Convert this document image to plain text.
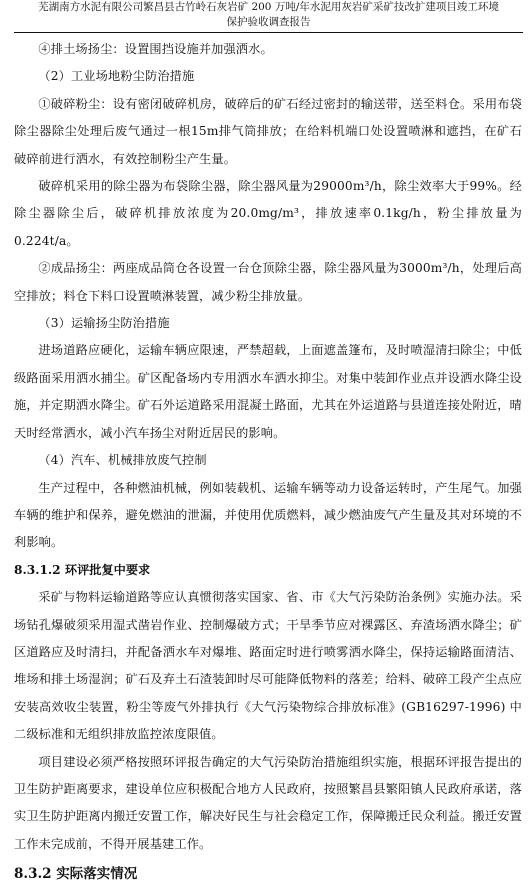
芜湖南方水泥有限公司繁昌县古竹岭石灰岩矿 200 万吨/年水泥用灰岩矿采矿技改扩建项目竣工环境
保护验收调查报告

④排土场扬尘：设置围挡设施并加强洒水。

（2）工业场地粉尘防治措施

①破碎粉尘：设有密闭破碎机房，破碎后的矿石经过密封的输送带，送至料仓。采用布袋除尘器除尘处理后废气通过一根15m排气筒排放；在给料机端口处设置喷淋和遮挡，在矿石破碎前进行洒水，有效控制粉尘产生量。

破碎机采用的除尘器为布袋除尘器，除尘器风量为29000m³/h，除尘效率大于99%。经除尘器除尘后，破碎机排放浓度为20.0mg/m³，排放速率0.1kg/h，粉尘排放量为0.224t/a。

②成品扬尘：两座成品筒仓各设置一台仓顶除尘器，除尘器风量为3000m³/h，处理后高空排放；料仓下料口设置喷淋装置，减少粉尘排放量。

（3）运输扬尘防治措施

进场道路应硬化，运输车辆应限速，严禁超载，上面遮盖篷布，及时喷湿清扫除尘；中低级路面采用洒水捕尘。矿区配备场内专用洒水车洒水抑尘。对集中装卸作业点并设洒水降尘设施，并定期洒水降尘。矿石外运道路采用混凝土路面，尤其在外运道路与县道连接处附近，晴天时经常洒水，减小汽车扬尘对附近居民的影响。

（4）汽车、机械排放废气控制

生产过程中，各种燃油机械，例如装载机、运输车辆等动力设备运转时，产生尾气。加强车辆的维护和保养，避免燃油的泄漏，并使用优质燃料，减少燃油废气产生量及其对环境的不利影响。

8.3.1.2 环评批复中要求

采矿与物料运输道路等应认真惯彻落实国家、省、市《大气污染防治条例》实施办法。采场钻孔爆破须采用湿式凿岩作业、控制爆破方式；干旱季节应对裸露区、弃渣场洒水降尘；矿区道路应及时清扫，并配备洒水车对爆堆、路面定时进行喷雾洒水降尘，保持运输路面清洁、堆场和排土场湿润；矿石及弃土石渣装卸时尽可能降低物料的落差；给料、破碎工段产尘点应安装高效收尘装置，粉尘等废气外排执行《大气污染物综合排放标准》(GB16297-1996) 中二级标准和无组织排放监控浓度限值。

项目建设必须严格按照环评报告确定的大气污染防治措施组织实施，根据环评报告提出的卫生防护距离要求，建设单位应积极配合地方人民政府，按照繁昌县繁阳镇人民政府承诺，落实卫生防护距离内搬迁安置工作，解决好民生与社会稳定工作，保障搬迁民众利益。搬迁安置工作未完成前，不得开展基建工作。

8.3.2 实际落实情况
